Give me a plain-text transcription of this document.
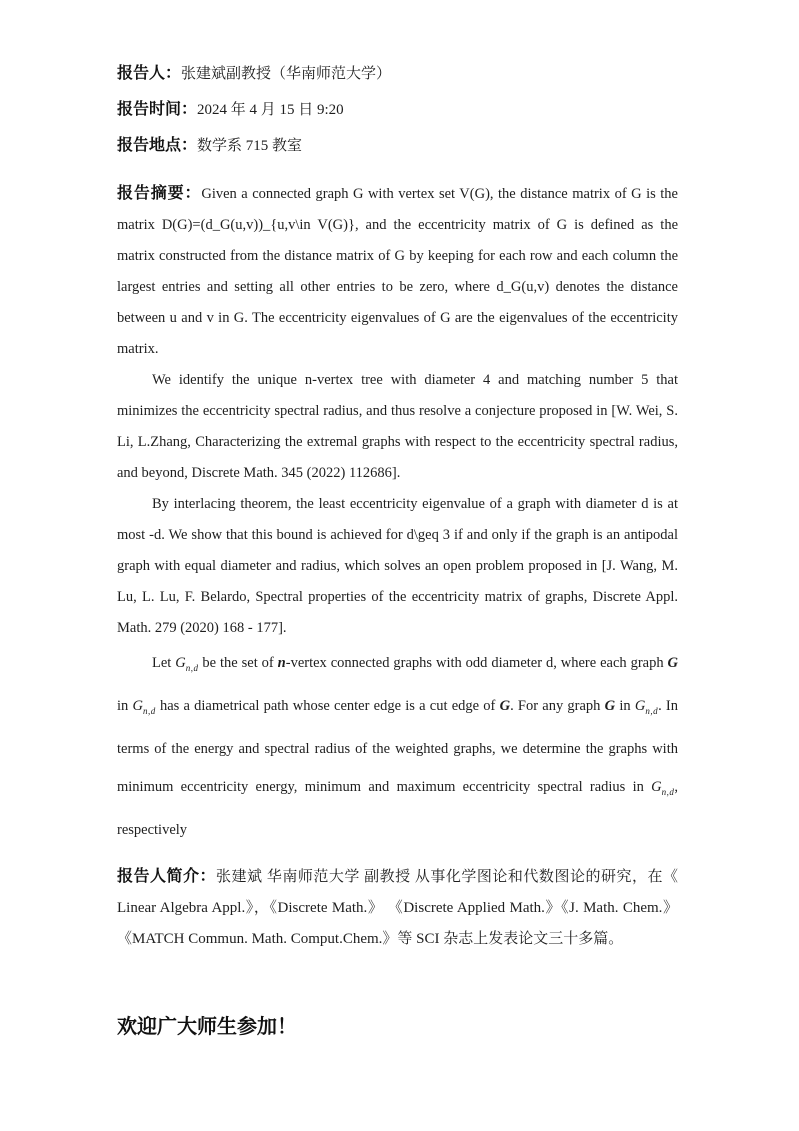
报告人：张建斌副教授（华南师范大学）
报告时间：2024 年 4 月 15 日 9:20
报告地点：数学系 715 教室

报告摘要：Given a connected graph G with vertex set V(G), the distance matrix of G is the matrix D(G)=(d_G(u,v))_{u,v\in V(G)}, and the eccentricity matrix of G is defined as the matrix constructed from the distance matrix of G by keeping for each row and each column the largest entries and setting all other entries to be zero, where d_G(u,v) denotes the distance between u and v in G. The eccentricity eigenvalues of G are the eigenvalues of the eccentricity matrix.

We identify the unique n-vertex tree with diameter 4 and matching number 5 that minimizes the eccentricity spectral radius, and thus resolve a conjecture proposed in [W. Wei, S. Li, L.Zhang, Characterizing the extremal graphs with respect to the eccentricity spectral radius, and beyond, Discrete Math. 345 (2022) 112686].

By interlacing theorem, the least eccentricity eigenvalue of a graph with diameter d is at most -d. We show that this bound is achieved for d\geq 3 if and only if the graph is an antipodal graph with equal diameter and radius, which solves an open problem proposed in [J. Wang, M. Lu, L. Lu, F. Belardo, Spectral properties of the eccentricity matrix of graphs, Discrete Appl. Math. 279 (2020) 168 - 177].

Let $G_{n,d}$ be the set of n-vertex connected graphs with odd diameter d, where each graph G in $G_{n,d}$ has a diametrical path whose center edge is a cut edge of G. For any graph G in $G_{n,d}$. In terms of the energy and spectral radius of the weighted graphs, we determine the graphs with minimum eccentricity energy, minimum and maximum eccentricity spectral radius in $G_{n,d}$, respectively

报告人简介：张建斌 华南师范大学 副教授 从事化学图论和代数图论的研究，在《 Linear Algebra Appl.》，《Discrete Math.》 《Discrete Applied Math.》《J. Math. Chem.》 《MATCH Commun. Math. Comput.Chem.》等 SCI 杂志上发表论文三十多篇。
欢迎广大师生参加！
